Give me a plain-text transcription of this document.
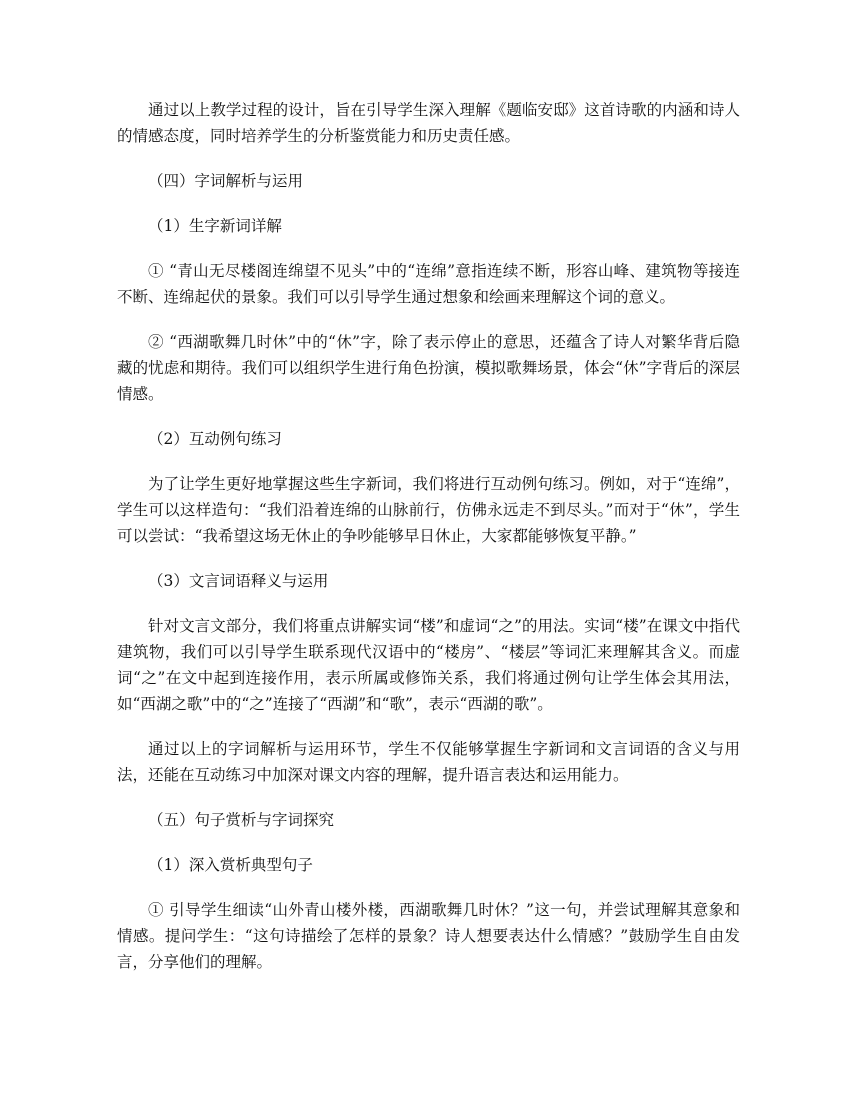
通过以上教学过程的设计，旨在引导学生深入理解《题临安邸》这首诗歌的内涵和诗人的情感态度，同时培养学生的分析鉴赏能力和历史责任感。

（四）字词解析与运用

（1）生字新词详解

① “青山无尽楼阁连绵望不见头”中的“连绵”意指连续不断，形容山峰、建筑物等接连不断、连绵起伏的景象。我们可以引导学生通过想象和绘画来理解这个词的意义。

② “西湖歌舞几时休”中的“休”字，除了表示停止的意思，还蕴含了诗人对繁华背后隐藏的忧虑和期待。我们可以组织学生进行角色扮演，模拟歌舞场景，体会“休”字背后的深层情感。

（2）互动例句练习

为了让学生更好地掌握这些生字新词，我们将进行互动例句练习。例如，对于“连绵”，学生可以这样造句：“我们沿着连绵的山脉前行，仿佛永远走不到尽头。”而对于“休”，学生可以尝试：“我希望这场无休止的争吵能够早日休止，大家都能够恢复平静。”

（3）文言词语释义与运用

针对文言文部分，我们将重点讲解实词“楼”和虚词“之”的用法。实词“楼”在课文中指代建筑物，我们可以引导学生联系现代汉语中的“楼房”、“楼层”等词汇来理解其含义。而虚词“之”在文中起到连接作用，表示所属或修饰关系，我们将通过例句让学生体会其用法，如“西湖之歌”中的“之”连接了“西湖”和“歌”，表示“西湖的歌”。

通过以上的字词解析与运用环节，学生不仅能够掌握生字新词和文言词语的含义与用法，还能在互动练习中加深对课文内容的理解，提升语言表达和运用能力。

（五）句子赏析与字词探究

（1）深入赏析典型句子

① 引导学生细读“山外青山楼外楼，西湖歌舞几时休？”这一句，并尝试理解其意象和情感。提问学生：“这句诗描绘了怎样的景象？诗人想要表达什么情感？”鼓励学生自由发言，分享他们的理解。
